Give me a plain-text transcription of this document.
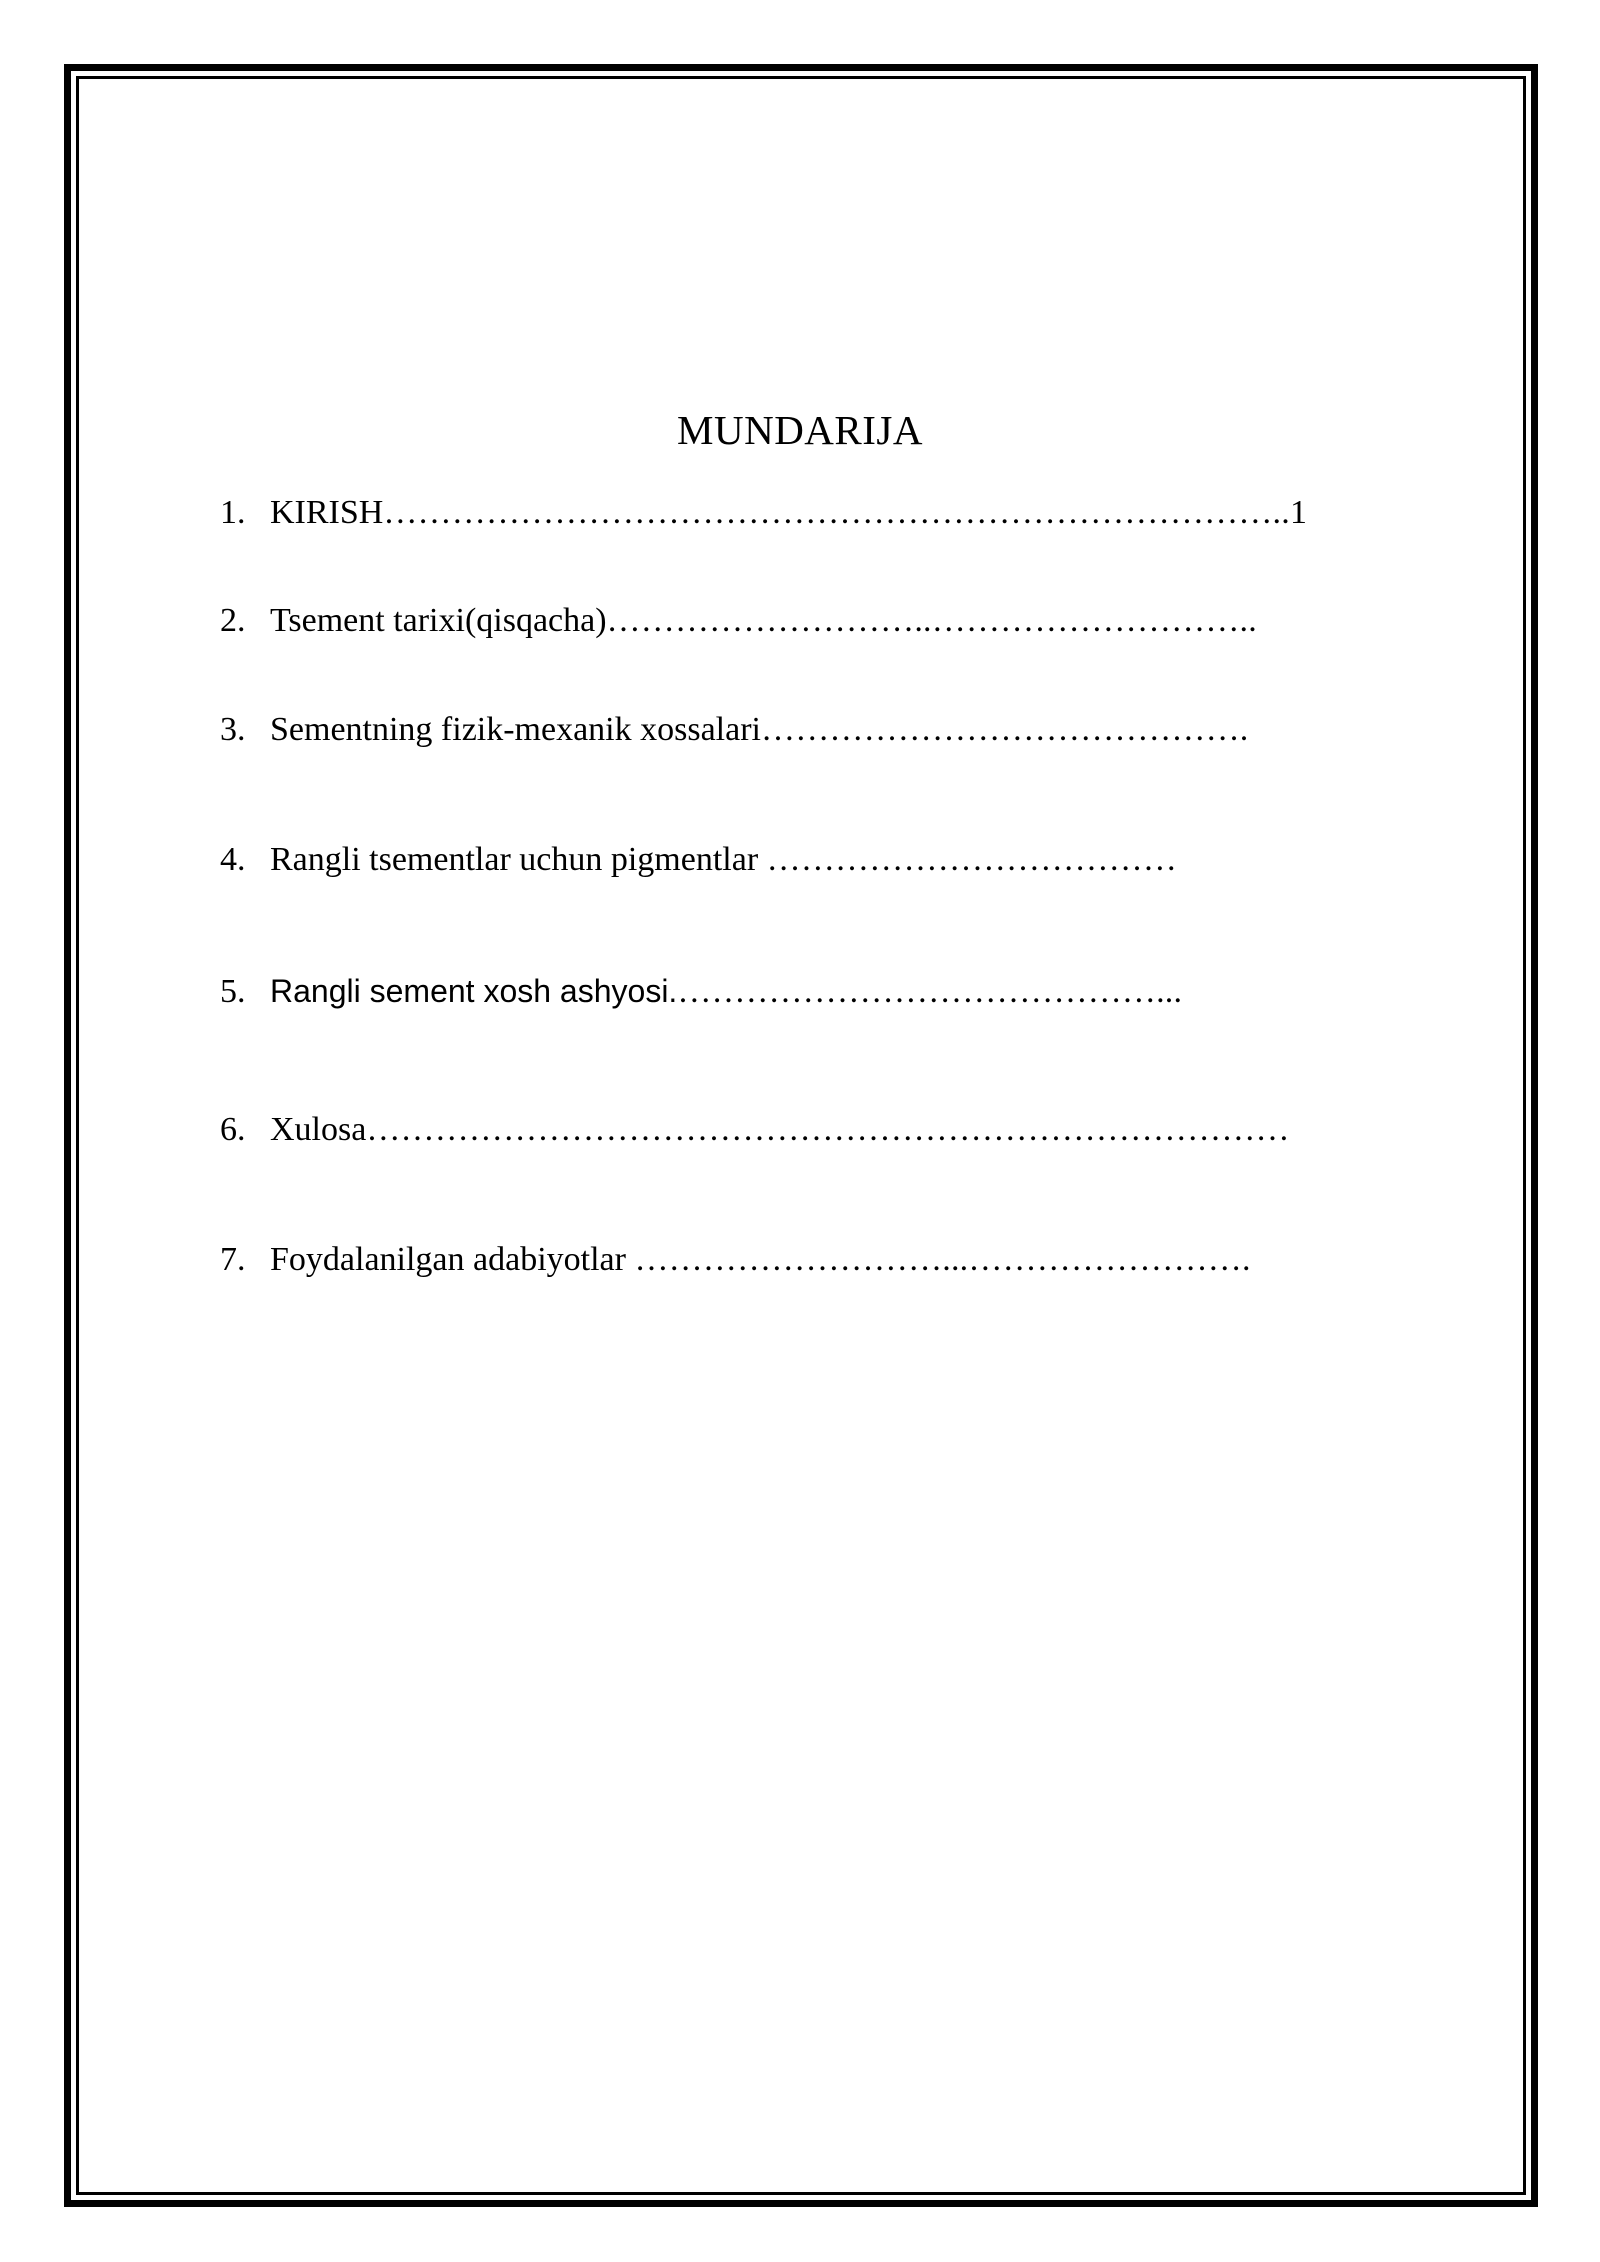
MUNDARIJA
1. KIRISH……………………………………………………………………..1
2. Tsement tarixi(qisqacha)………………………..………………………..
3. Sementning fizik-mexanik xossalari…………………………………….
4. Rangli tsementlar uchun pigmentlar ………………………………
5. Rangli sement xosh ashyosi.……………………………………...
6. Xulosa………………………………………………………………………
7. Foydalanilgan adabiyotlar ………………………...…………………….
